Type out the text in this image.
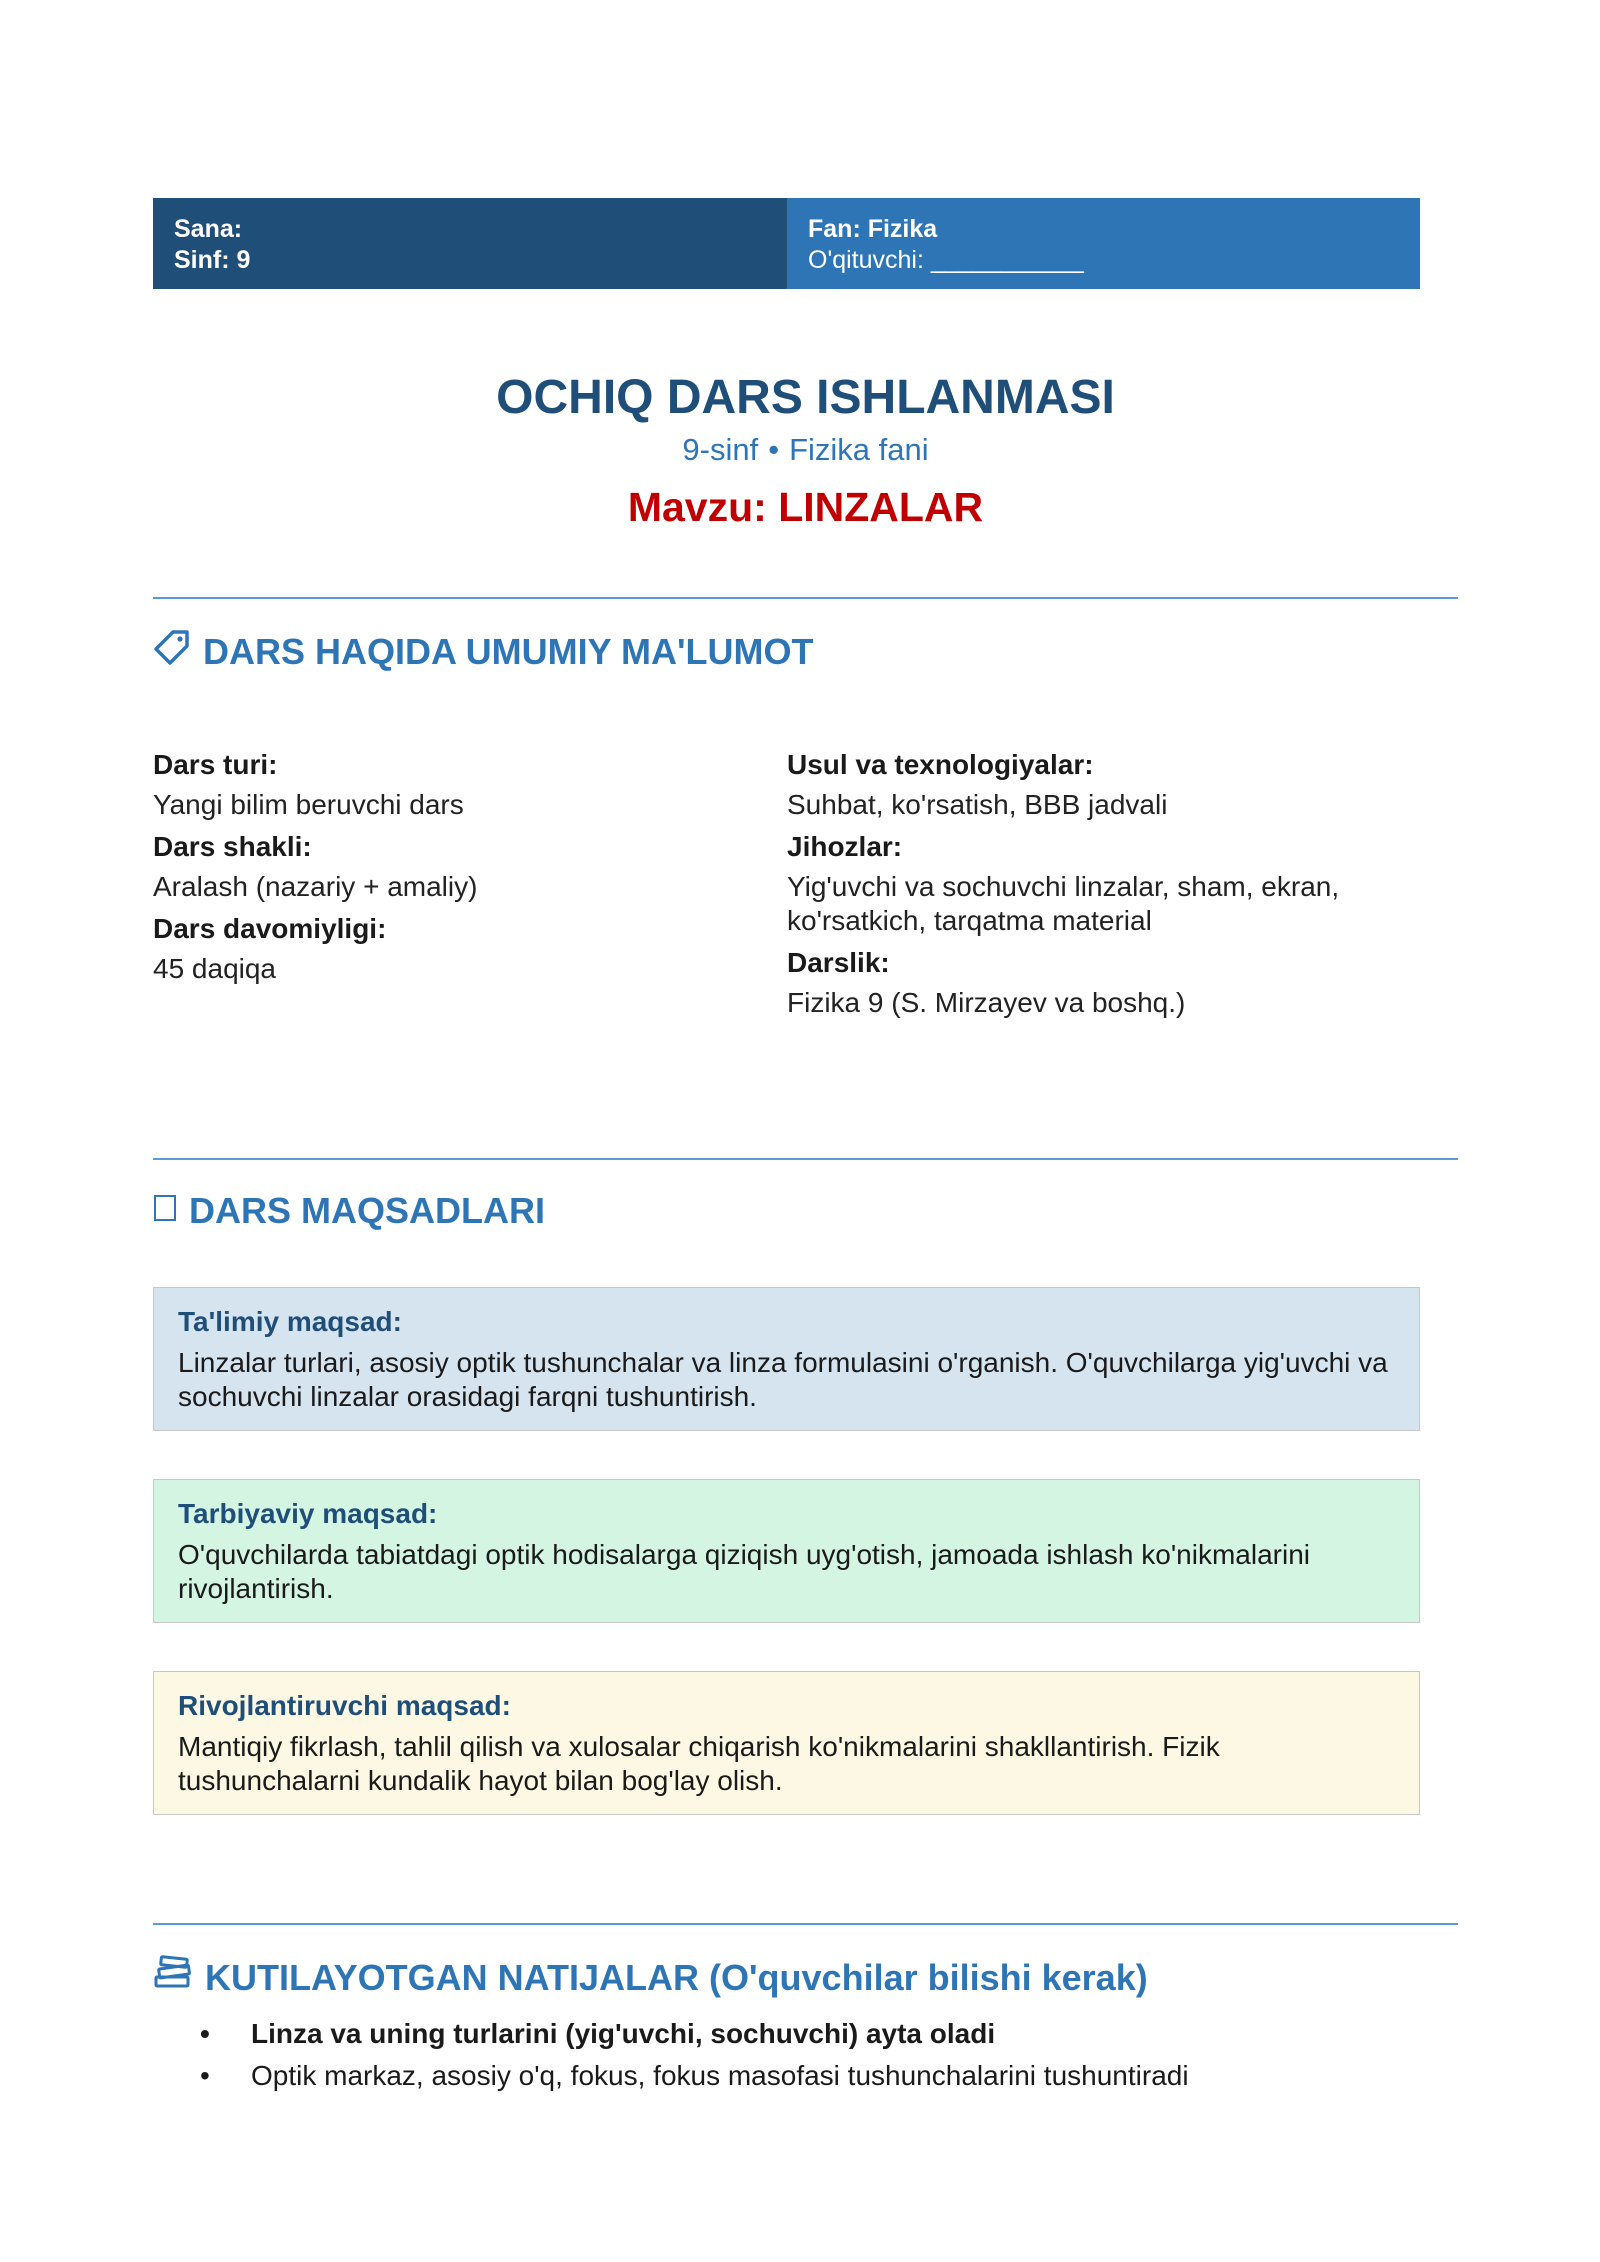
Sana:
Sinf: 9
Fan: Fizika
O'qituvchi: ___________
OCHIQ DARS ISHLANMASI
9-sinf • Fizika fani
Mavzu: LINZALAR
DARS HAQIDA UMUMIY MA'LUMOT
Dars turi:
Yangi bilim beruvchi dars
Dars shakli:
Aralash (nazariy + amaliy)
Dars davomiyligi:
45 daqiqa
Usul va texnologiyalar:
Suhbat, ko'rsatish, BBB jadvali
Jihozlar:
Yig'uvchi va sochuvchi linzalar, sham, ekran, ko'rsatkich, tarqatma material
Darslik:
Fizika 9 (S. Mirzayev va boshq.)
DARS MAQSADLARI
Ta'limiy maqsad:
Linzalar turlari, asosiy optik tushunchalar va linza formulasini o'rganish. O'quvchilarga yig'uvchi va sochuvchi linzalar orasidagi farqni tushuntirish.
Tarbiyaviy maqsad:
O'quvchilarda tabiatdagi optik hodisalarga qiziqish uyg'otish, jamoada ishlash ko'nikmalarini rivojlantirish.
Rivojlantiruvchi maqsad:
Mantiqiy fikrlash, tahlil qilish va xulosalar chiqarish ko'nikmalarini shakllantirish. Fizik tushunchalarni kundalik hayot bilan bog'lay olish.
KUTILAYOTGAN NATIJALAR (O'quvchilar bilishi kerak)
• Linza va uning turlarini (yig'uvchi, sochuvchi) ayta oladi
• Optik markaz, asosiy o'q, fokus, fokus masofasi tushunchalarini tushuntiradi
